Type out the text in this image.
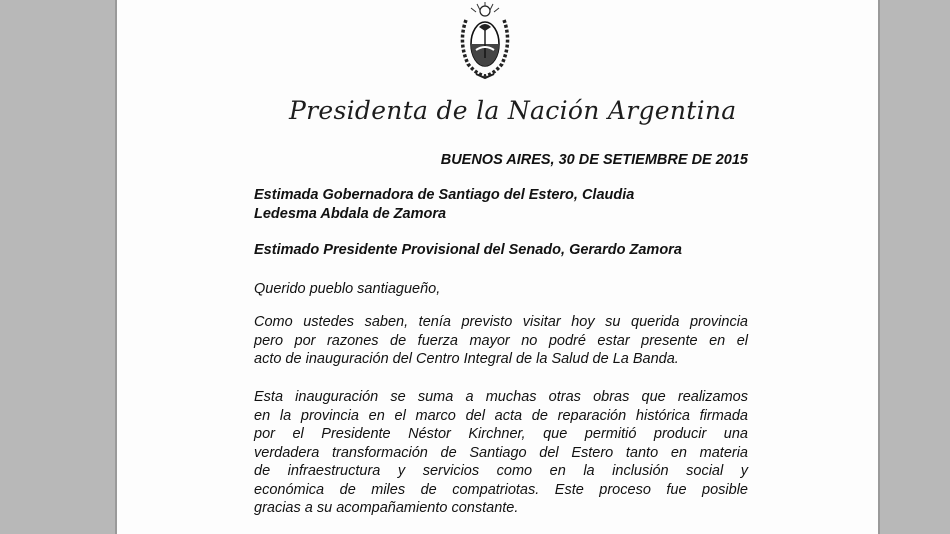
Presidenta de la Nación Argentina
BUENOS AIRES, 30 DE SETIEMBRE DE 2015
Estimada Gobernadora de Santiago del Estero, Claudia
Ledesma Abdala de Zamora
Estimado Presidente Provisional del Senado, Gerardo Zamora
Querido pueblo santiagueño,
Como ustedes saben, tenía previsto visitar hoy su querida provincia
pero por razones de fuerza mayor no podré estar presente en el
acto de inauguración del Centro Integral de la Salud de La Banda.
Esta inauguración se suma a muchas otras obras que realizamos
en la provincia en el marco del acta de reparación histórica firmada
por el Presidente Néstor Kirchner, que permitió producir una
verdadera transformación de Santiago del Estero tanto en materia
de infraestructura y servicios como en la inclusión social y
económica de miles de compatriotas. Este proceso fue posible
gracias a su acompañamiento constante.
